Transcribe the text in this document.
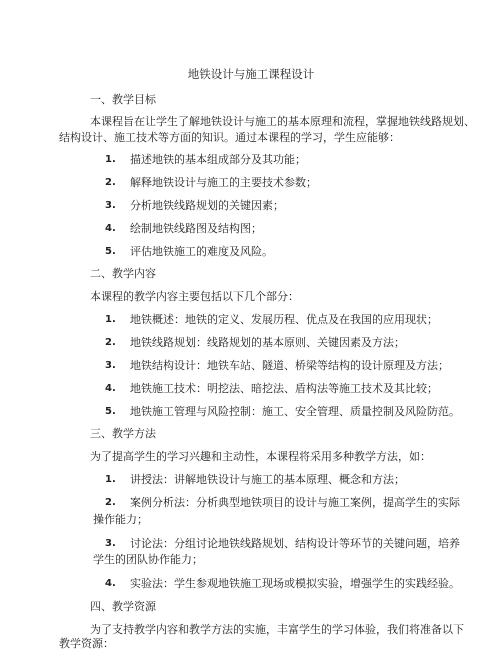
地铁设计与施工课程设计
一、教学目标
本课程旨在让学生了解地铁设计与施工的基本原理和流程，掌握地铁线路规划、
结构设计、施工技术等方面的知识。通过本课程的学习，学生应能够：
1. 描述地铁的基本组成部分及其功能；
2. 解释地铁设计与施工的主要技术参数；
3. 分析地铁线路规划的关键因素；
4. 绘制地铁线路图及结构图；
5. 评估地铁施工的难度及风险。
二、教学内容
本课程的教学内容主要包括以下几个部分：
1. 地铁概述：地铁的定义、发展历程、优点及在我国的应用现状；
2. 地铁线路规划：线路规划的基本原则、关键因素及方法；
3. 地铁结构设计：地铁车站、隧道、桥梁等结构的设计原理及方法；
4. 地铁施工技术：明挖法、暗挖法、盾构法等施工技术及其比较；
5. 地铁施工管理与风险控制：施工、安全管理、质量控制及风险防范。
三、教学方法
为了提高学生的学习兴趣和主动性，本课程将采用多种教学方法，如：
1. 讲授法：讲解地铁设计与施工的基本原理、概念和方法；
2. 案例分析法：分析典型地铁项目的设计与施工案例，提高学生的实际
操作能力；
3. 讨论法：分组讨论地铁线路规划、结构设计等环节的关键问题，培养
学生的团队协作能力；
4. 实验法：学生参观地铁施工现场或模拟实验，增强学生的实践经验。
四、教学资源
为了支持教学内容和教学方法的实施，丰富学生的学习体验，我们将准备以下
教学资源：
